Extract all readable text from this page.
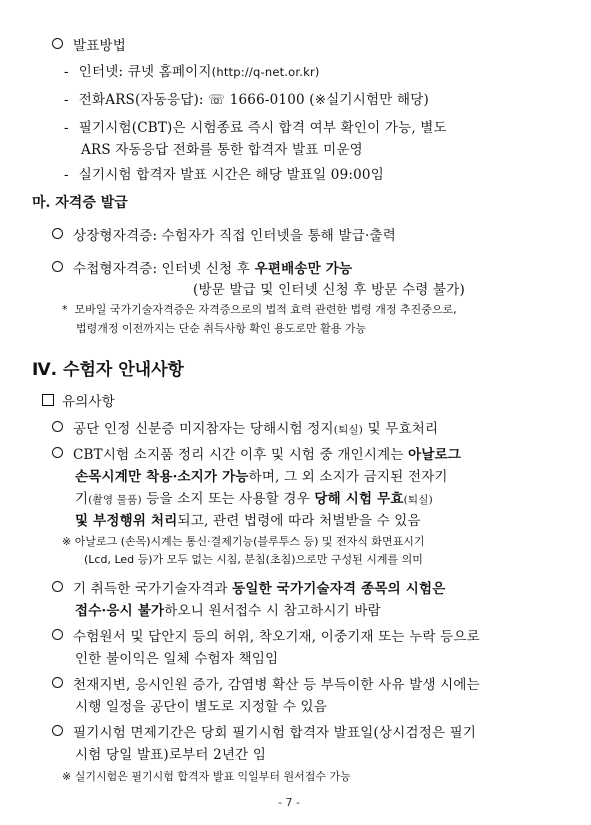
발표방법
- 인터넷: 큐넷 홈페이지(http://q-net.or.kr)
- 전화ARS(자동응답): ☏ 1666-0100 (※실기시험만 해당)
- 필기시험(CBT)은 시험종료 즉시 합격 여부 확인이 가능, 별도
ARS 자동응답 전화를 통한 합격자 발표 미운영
- 실기시험 합격자 발표 시간은 해당 발표일 09:00임
마. 자격증 발급
상장형자격증: 수험자가 직접 인터넷을 통해 발급·출력
수첩형자격증: 인터넷 신청 후 우편배송만 가능
(방문 발급 및 인터넷 신청 후 방문 수령 불가)
* 모바일 국가기술자격증은 자격증으로의 법적 효력 관련한 법령 개정 추진중으로,
법령개정 이전까지는 단순 취득사항 확인 용도로만 활용 가능
Ⅳ. 수험자 안내사항
유의사항
공단 인정 신분증 미지참자는 당해시험 정지(퇴실) 및 무효처리
CBT시험 소지품 정리 시간 이후 및 시험 중 개인시계는 아날로그
손목시계만 착용·소지가 가능하며, 그 외 소지가 금지된 전자기
기(촬영 물품) 등을 소지 또는 사용할 경우 당해 시험 무효(퇴실)
및 부정행위 처리되고, 관련 법령에 따라 처벌받을 수 있음
※ 아날로그 (손목)시계는 통신·결제기능(블루투스 등) 및 전자식 화면표시기
(Lcd, Led 등)가 모두 없는 시침, 분침(초침)으로만 구성된 시계를 의미
기 취득한 국가기술자격과 동일한 국가기술자격 종목의 시험은
접수·응시 불가하오니 원서접수 시 참고하시기 바람
수험원서 및 답안지 등의 허위, 착오기재, 이중기재 또는 누락 등으로
인한 불이익은 일체 수험자 책임임
천재지변, 응시인원 증가, 감염병 확산 등 부득이한 사유 발생 시에는
시행 일정을 공단이 별도로 지정할 수 있음
필기시험 면제기간은 당회 필기시험 합격자 발표일(상시검정은 필기
시험 당일 발표)로부터 2년간 임
※ 실기시험은 필기시험 합격자 발표 익일부터 원서접수 가능
- 7 -
